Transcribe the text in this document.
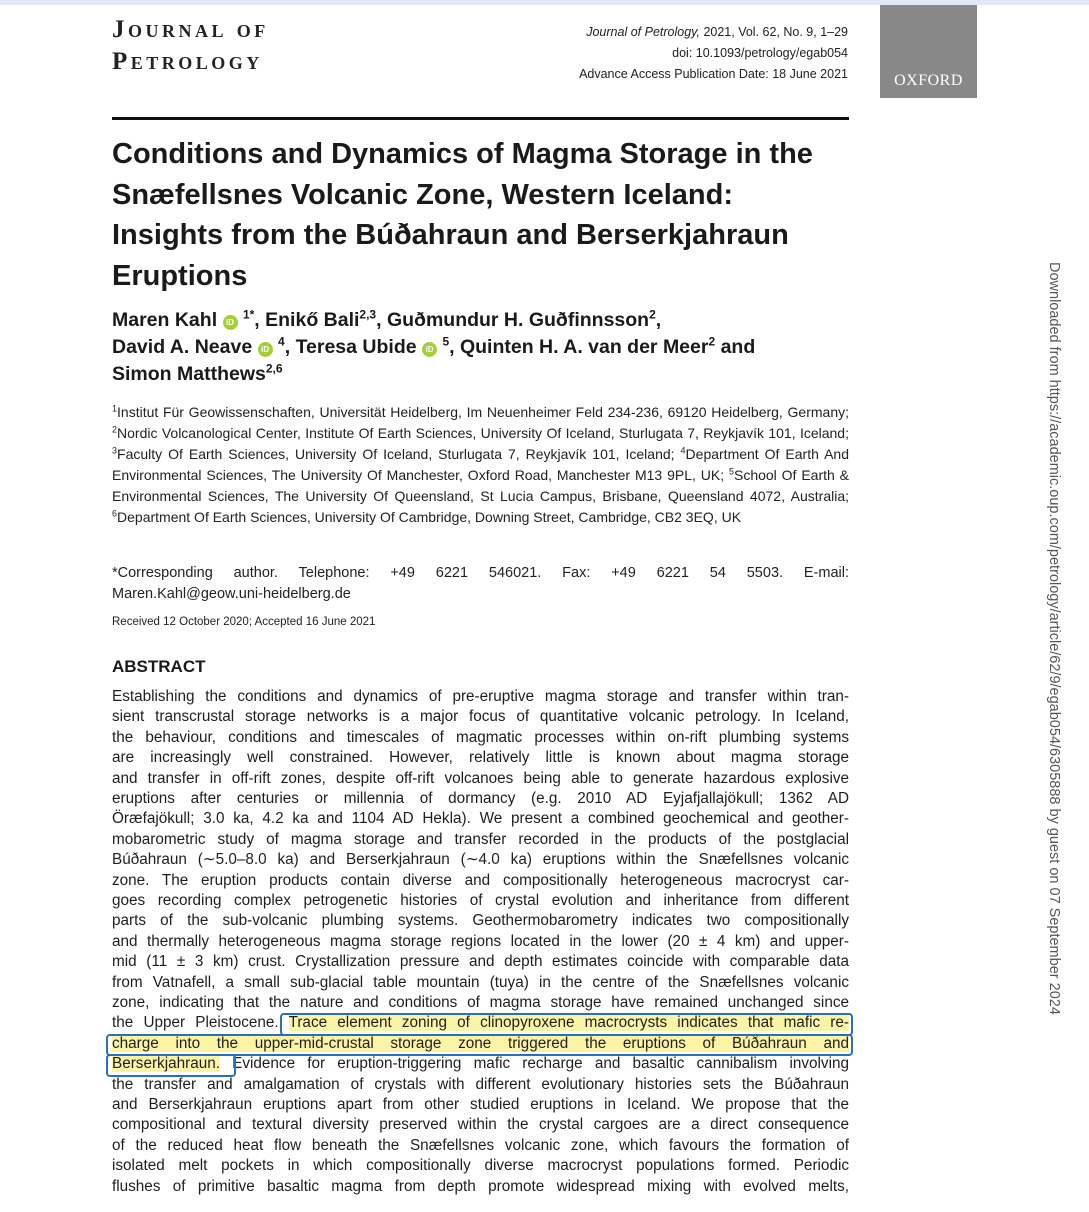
Journal of
Petrology
Journal of Petrology, 2021, Vol. 62, No. 9, 1–29
doi: 10.1093/petrology/egab054
Advance Access Publication Date: 18 June 2021	OXFORD
Conditions and Dynamics of Magma Storage in the Snæfellsnes Volcanic Zone, Western Iceland: Insights from the Búðahraun and Berserkjahraun Eruptions
Maren Kahl iD $^{1*}$, Enikő Bali$^{2,3}$, Guðmundur H. Guðfinnsson$^2$,
David A. Neave iD $^4$, Teresa Ubide iD $^5$, Quinten H. A. van der Meer$^2$ and
Simon Matthews$^{2,6}$
$^1$Institut Für Geowissenschaften, Universität Heidelberg, Im Neuenheimer Feld 234-236, 69120 Heidelberg, Germany; $^2$Nordic Volcanological Center, Institute Of Earth Sciences, University Of Iceland, Sturlugata 7, Reykjavík 101, Iceland; $^3$Faculty Of Earth Sciences, University Of Iceland, Sturlugata 7, Reykjavík 101, Iceland; $^4$Department Of Earth And Environmental Sciences, The University Of Manchester, Oxford Road, Manchester M13 9PL, UK; $^5$School Of Earth & Environmental Sciences, The University Of Queensland, St Lucia Campus, Brisbane, Queensland 4072, Australia; $^6$Department Of Earth Sciences, University Of Cambridge, Downing Street, Cambridge, CB2 3EQ, UK
*Corresponding author. Telephone: +49 6221 546021. Fax: +49 6221 54 5503. E-mail:
Maren.Kahl@geow.uni-heidelberg.de
Received 12 October 2020; Accepted 16 June 2021
ABSTRACT
Establishing the conditions and dynamics of pre-eruptive magma storage and transfer within tran-
sient transcrustal storage networks is a major focus of quantitative volcanic petrology. In Iceland,
the behaviour, conditions and timescales of magmatic processes within on-rift plumbing systems
are increasingly well constrained. However, relatively little is known about magma storage
and transfer in off-rift zones, despite off-rift volcanoes being able to generate hazardous explosive
eruptions after centuries or millennia of dormancy (e.g. 2010 AD Eyjafjallajökull; 1362 AD
Öræfajökull; 3.0 ka, 4.2 ka and 1104 AD Hekla). We present a combined geochemical and geother-
mobarometric study of magma storage and transfer recorded in the products of the postglacial
Búðahraun (∼5.0–8.0 ka) and Berserkjahraun (∼4.0 ka) eruptions within the Snæfellsnes volcanic
zone. The eruption products contain diverse and compositionally heterogeneous macrocryst car-
goes recording complex petrogenetic histories of crystal evolution and inheritance from different
parts of the sub-volcanic plumbing systems. Geothermobarometry indicates two compositionally
and thermally heterogeneous magma storage regions located in the lower (20 ± 4 km) and upper-
mid (11 ± 3 km) crust. Crystallization pressure and depth estimates coincide with comparable data
from Vatnafell, a small sub-glacial table mountain (tuya) in the centre of the Snæfellsnes volcanic
zone, indicating that the nature and conditions of magma storage have remained unchanged since
the Upper Pleistocene. Trace element zoning of clinopyroxene macrocrysts indicates that mafic re-
charge into the upper-mid-crustal storage zone triggered the eruptions of Búðahraun and
Berserkjahraun. Evidence for eruption-triggering mafic recharge and basaltic cannibalism involving
the transfer and amalgamation of crystals with different evolutionary histories sets the Búðahraun
and Berserkjahraun eruptions apart from other studied eruptions in Iceland. We propose that the
compositional and textural diversity preserved within the crystal cargoes are a direct consequence
of the reduced heat flow beneath the Snæfellsnes volcanic zone, which favours the formation of
isolated melt pockets in which compositionally diverse macrocryst populations formed. Periodic
flushes of primitive basaltic magma from depth promote widespread mixing with evolved melts,
Downloaded from https://academic.oup.com/petrology/article/62/9/egab054/6305888 by guest on 07 September 2024
